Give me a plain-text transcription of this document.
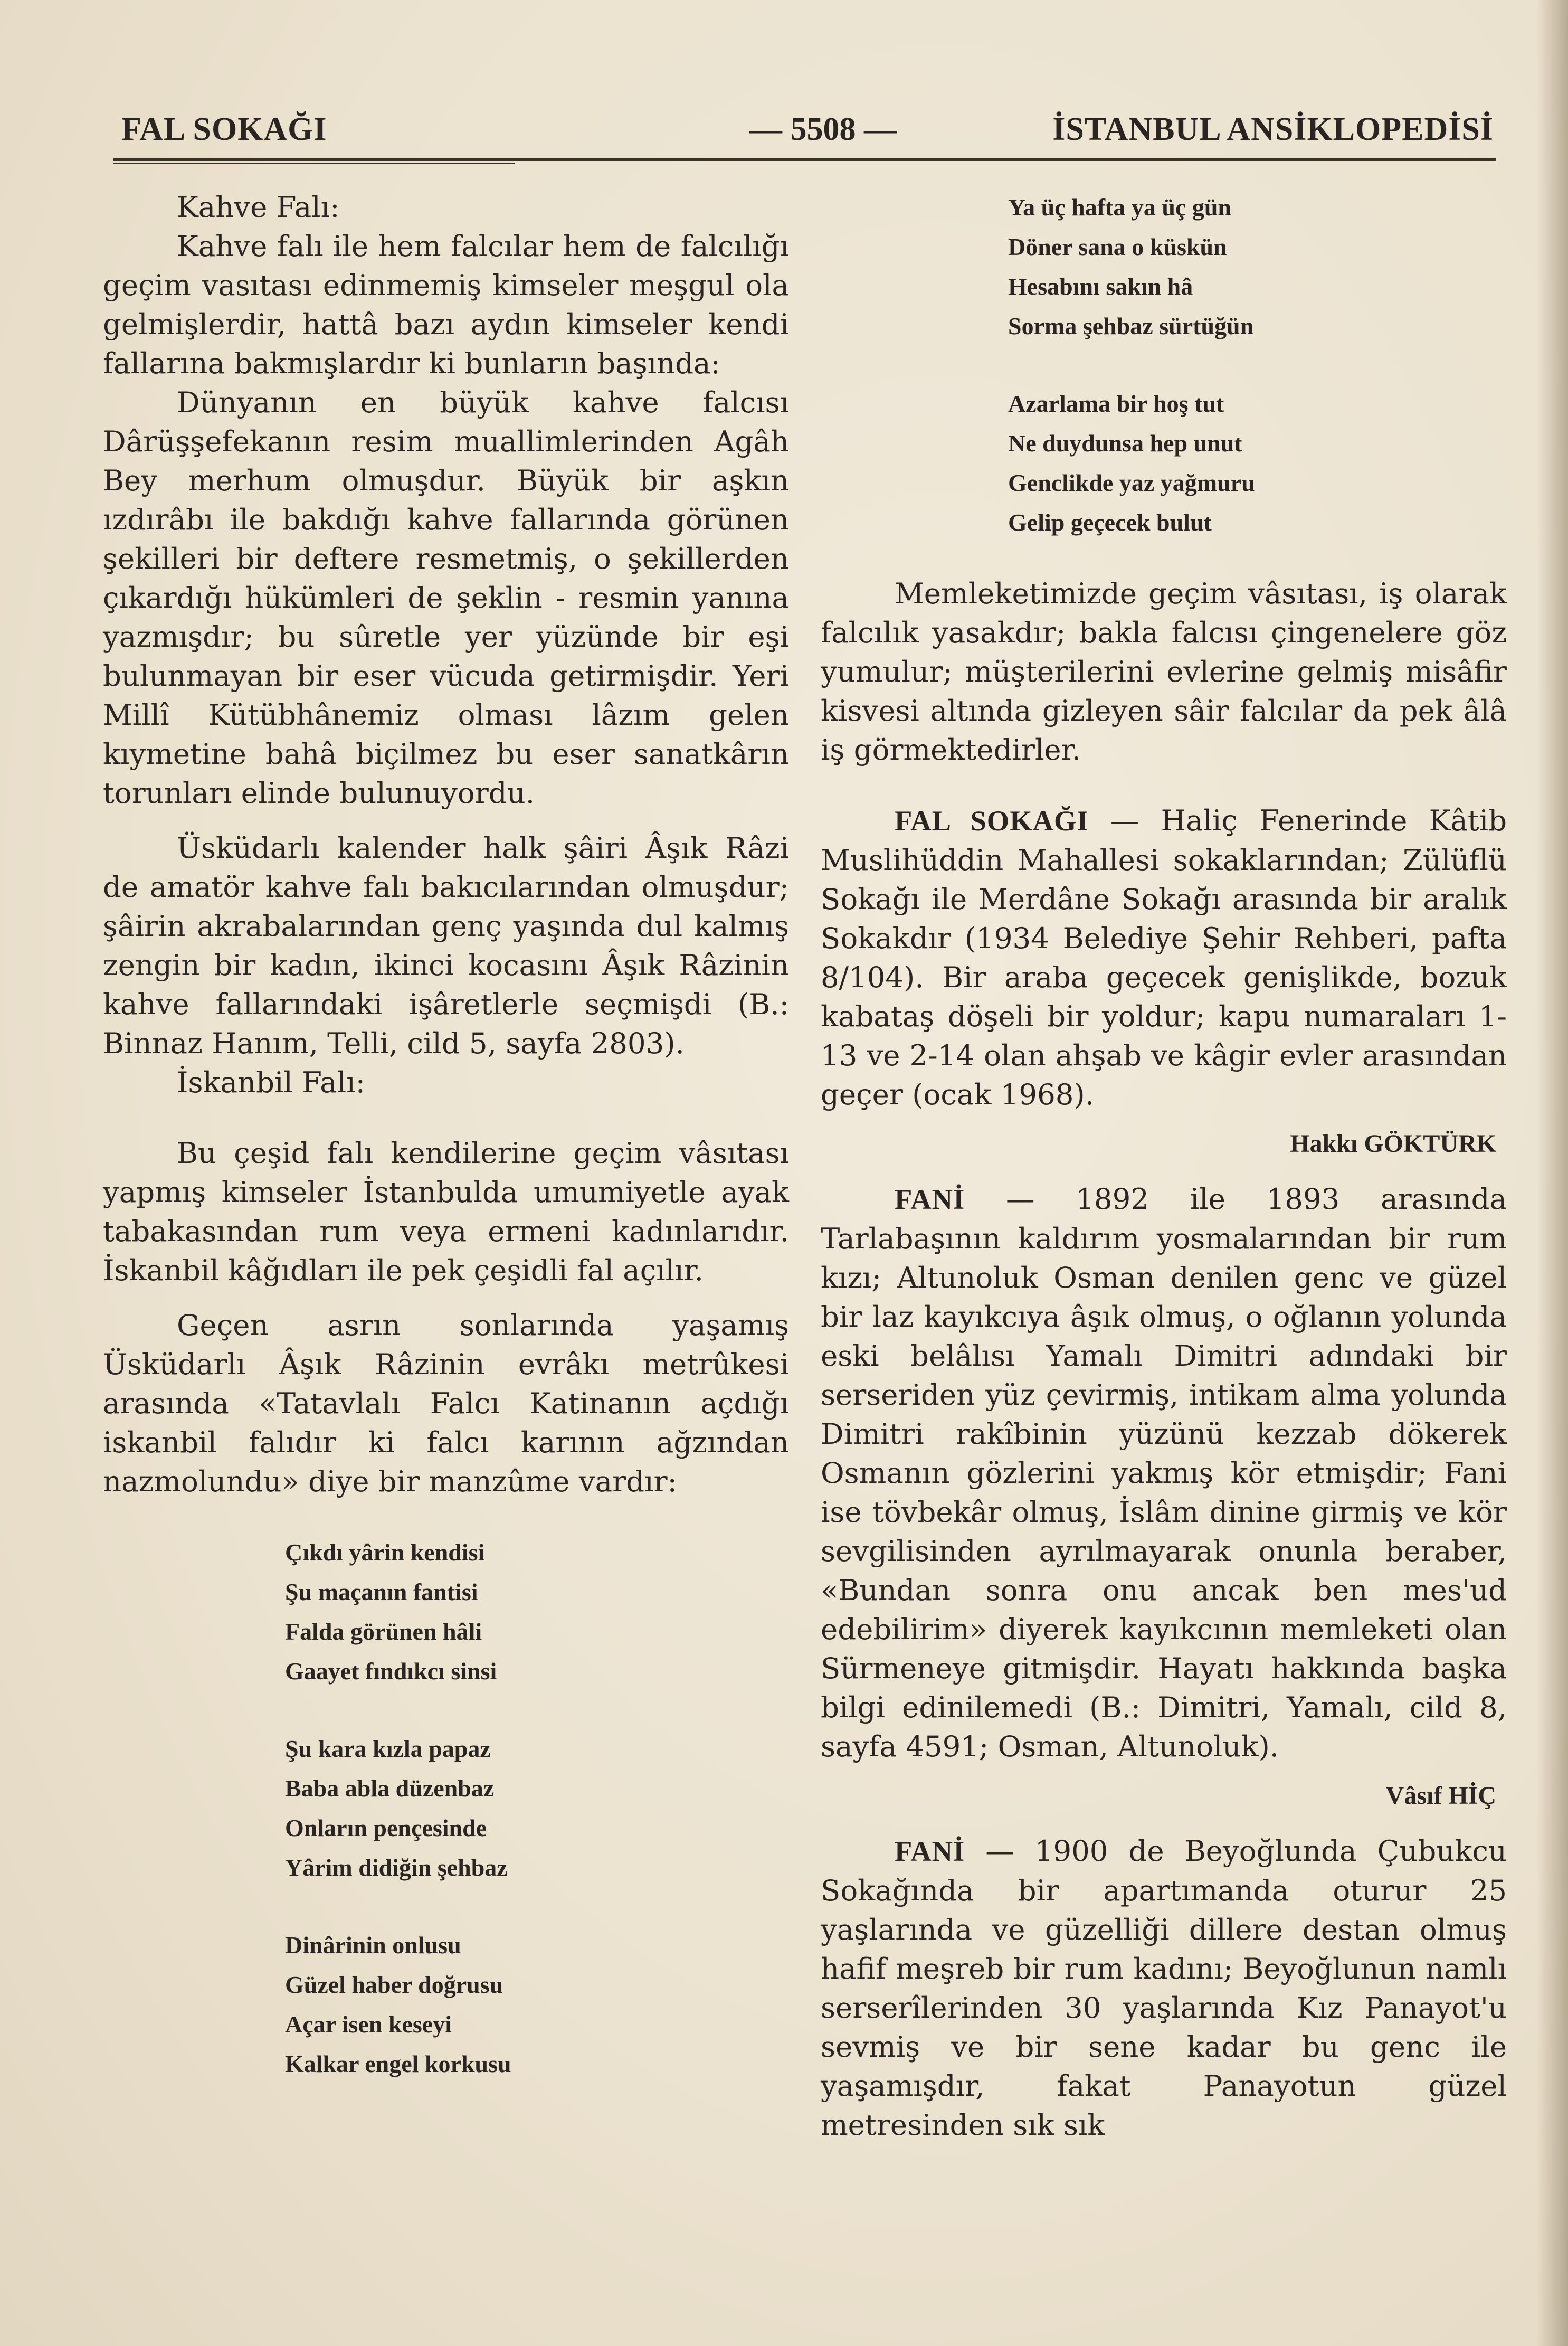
FAL SOKAĞI	— 5508 —	İSTANBUL ANSİKLOPEDİSİ

Kahve Falı:

Kahve falı ile hem falcılar hem de falcılığı geçim vasıtası edinmemiş kimseler meşgul ola gelmişlerdir, hattâ bazı aydın kimseler kendi fallarına bakmışlardır ki bunların başında:

Dünyanın en büyük kahve falcısı Dârüşşefekanın resim muallimlerinden Agâh Bey merhum olmuşdur. Büyük bir aşkın ızdırâbı ile bakdığı kahve fallarında görünen şekilleri bir deftere resmetmiş, o şekillerden çıkardığı hükümleri de şeklin - resmin yanına yazmışdır; bu sûretle yer yüzünde bir eşi bulunmayan bir eser vücuda getirmişdir. Yeri Millî Kütübhânemiz olması lâzım gelen kıymetine bahâ biçilmez bu eser sanatkârın torunları elinde bulunuyordu.

Üsküdarlı kalender halk şâiri Âşık Râzi de amatör kahve falı bakıcılarından olmuşdur; şâirin akrabalarından genç yaşında dul kalmış zengin bir kadın, ikinci kocasını Âşık Râzinin kahve fallarındaki işâretlerle seçmişdi (B.: Binnaz Hanım, Telli, cild 5, sayfa 2803).

İskanbil Falı:

Bu çeşid falı kendilerine geçim vâsıtası yapmış kimseler İstanbulda umumiyetle ayak tabakasından rum veya ermeni kadınlarıdır. İskanbil kâğıdları ile pek çeşidli fal açılır.

Geçen asrın sonlarında yaşamış Üsküdarlı Âşık Râzinin evrâkı metrûkesi arasında «Tatavlalı Falcı Katinanın açdığı iskanbil falıdır ki falcı karının ağzından nazmolundu» diye bir manzûme vardır:

Çıkdı yârin kendisi
Şu maçanın fantisi
Falda görünen hâli
Gaayet fındıkcı sinsi
Şu kara kızla papaz
Baba abla düzenbaz
Onların pençesinde
Yârim didiğin şehbaz
Dinârinin onlusu
Güzel haber doğrusu
Açar isen keseyi
Kalkar engel korkusu
Ya üç hafta ya üç gün
Döner sana o küskün
Hesabını sakın hâ
Sorma şehbaz sürtüğün
Azarlama bir hoş tut
Ne duydunsa hep unut
Genclikde yaz yağmuru
Gelip geçecek bulut

Memleketimizde geçim vâsıtası, iş olarak falcılık yasakdır; bakla falcısı çingenelere göz yumulur; müşterilerini evlerine gelmiş misâfir kisvesi altında gizleyen sâir falcılar da pek âlâ iş görmektedirler.

FAL SOKAĞI — Haliç Fenerinde Kâtib Muslihüddin Mahallesi sokaklarından; Zülüflü Sokağı ile Merdâne Sokağı arasında bir aralık Sokakdır (1934 Belediye Şehir Rehberi, pafta 8/104). Bir araba geçecek genişlikde, bozuk kabataş döşeli bir yoldur; kapu numaraları 1-13 ve 2-14 olan ahşab ve kâgir evler arasından geçer (ocak 1968).

Hakkı GÖKTÜRK

FANİ — 1892 ile 1893 arasında Tarlabaşının kaldırım yosmalarından bir rum kızı; Altunoluk Osman denilen genc ve güzel bir laz kayıkcıya âşık olmuş, o oğlanın yolunda eski belâlısı Yamalı Dimitri adındaki bir serseriden yüz çevirmiş, intikam alma yolunda Dimitri rakîbinin yüzünü kezzab dökerek Osmanın gözlerini yakmış kör etmişdir; Fani ise tövbekâr olmuş, İslâm dinine girmiş ve kör sevgilisinden ayrılmayarak onunla beraber, «Bundan sonra onu ancak ben mes'ud edebilirim» diyerek kayıkcının memleketi olan Sürmeneye gitmişdir. Hayatı hakkında başka bilgi edinilemedi (B.: Dimitri, Yamalı, cild 8, sayfa 4591; Osman, Altunoluk).

Vâsıf HİÇ

FANİ — 1900 de Beyoğlunda Çubukcu Sokağında bir apartımanda oturur 25 yaşlarında ve güzelliği dillere destan olmuş hafif meşreb bir rum kadını; Beyoğlunun namlı serserîlerinden 30 yaşlarında Kız Panayot'u sevmiş ve bir sene kadar bu genc ile yaşamışdır, fakat Panayotun güzel metresinden sık sık
